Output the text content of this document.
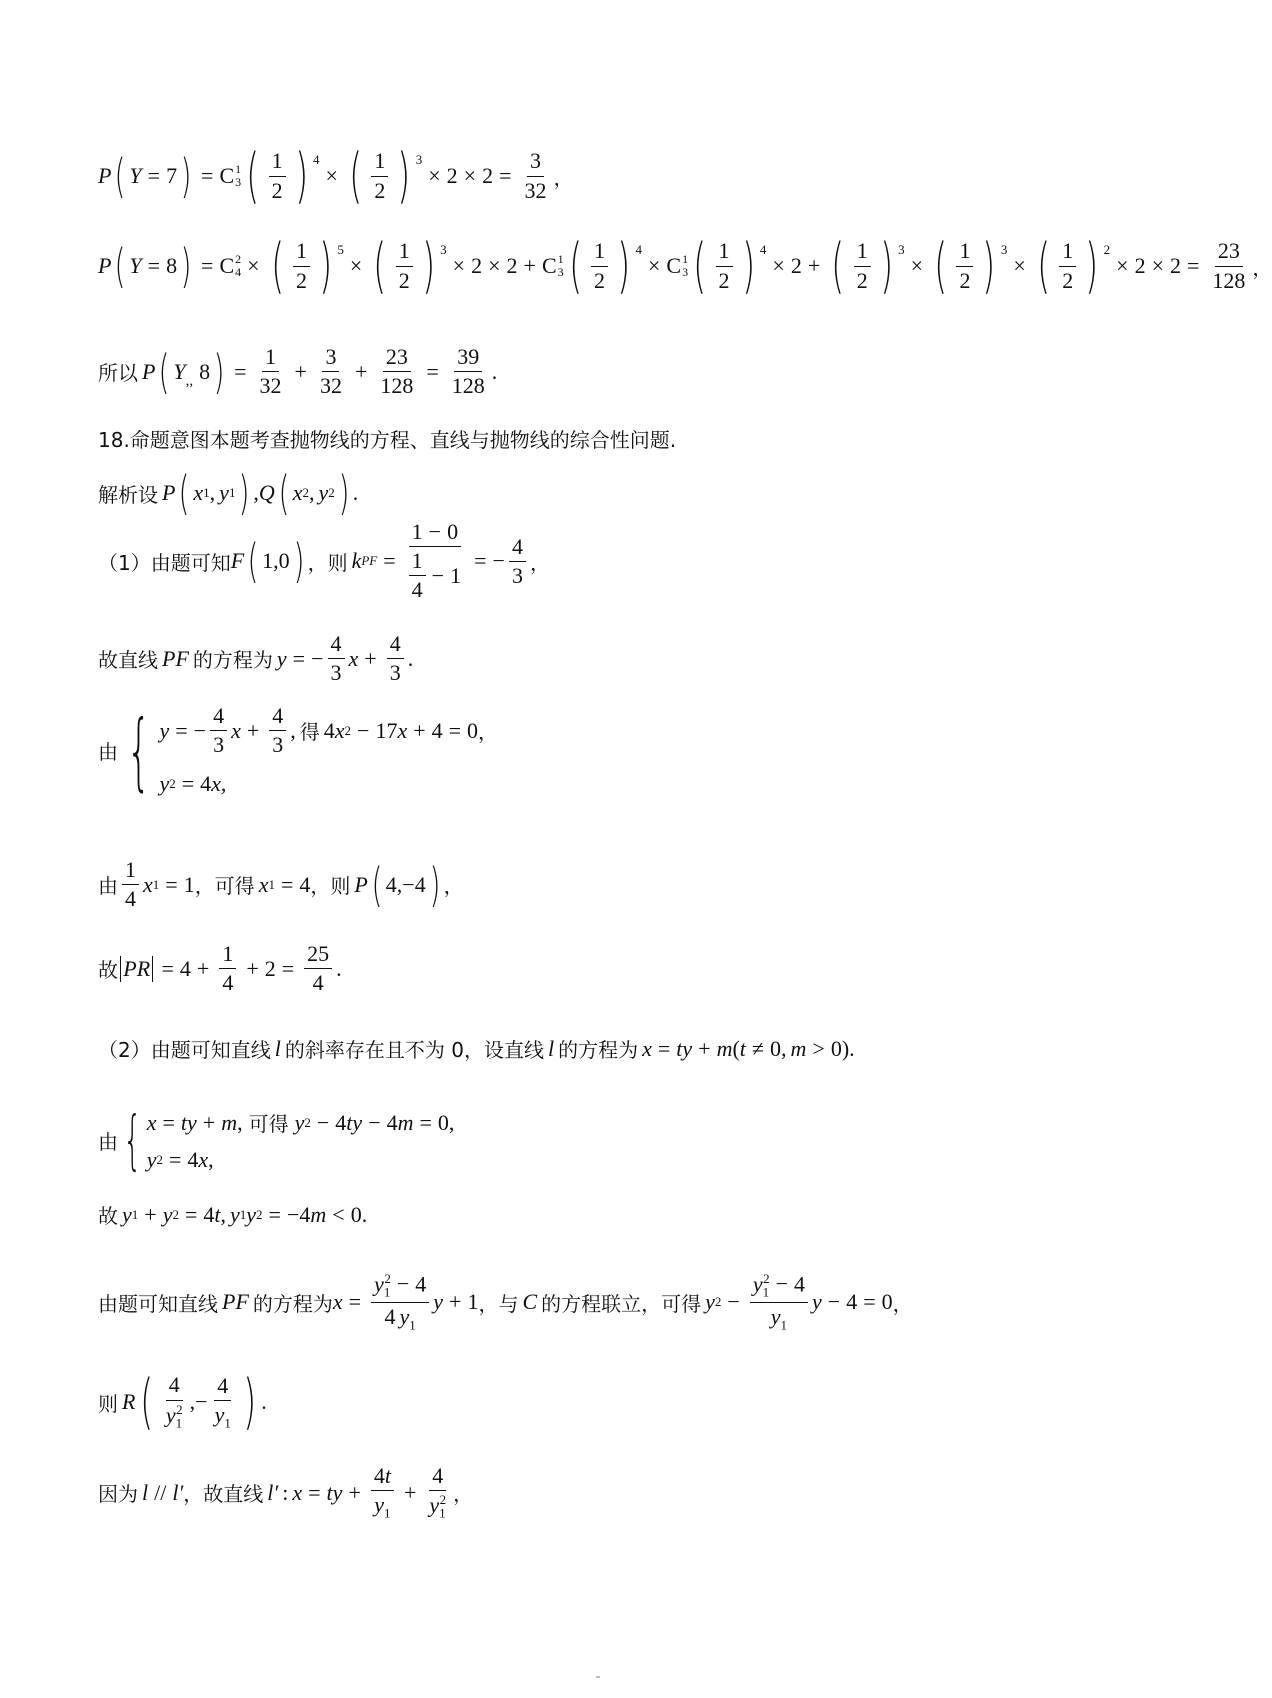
P ( Y = 7 ) = C 1
3 ( $\frac{1}{2}$ ) 4
× ( $\frac{1}{2}$ ) 3
× $2 \times 2 = \frac{3}{32}$ ，
P ( Y = 8 ) = C 2
4 × ( $\frac{1}{2}$ ) 5
× ( $\frac{1}{2}$ ) 3
× 2 × 2 + C 1
3 ( $\frac{1}{2}$ ) 4
× C 1
3 ( $\frac{1}{2}$ ) 4
× 2 + ( $\frac{1}{2}$ ) 3
× ( $\frac{1}{2}$ ) 3
× ( $\frac{1}{2}$ ) 2
× $2 \times 2 = \frac{23}{128}$ ，
所以 P ( Y ,, 8 ) = $\frac{1}{32} + \frac{3}{32} + \frac{23}{128} = \frac{39}{128}$ .
18.命题意图本题考查抛物线的方程、直线与抛物线的综合性问题.
解析设 P ( x 1 , y 1 ) , Q ( x 2 , y 2 ) .
（1）由题可知 F ( 1 , 0 ) ，则 k PF = $\frac{1 - 0}{\frac{1}{4} - 1}$ = − $\frac{4}{3}$ ，
故直线 PF 的方程为 y = − $\frac{4}{3}$ $x + \frac{4}{3}$ .
由 { y = − $\frac{4}{3}$ $x + \frac{4}{3}$ , 得 4 x 2 − 17 x + 4 = 0 ，
y 2 = 4 x ,
由 $\frac{1}{4}$ x 1 = 1 ，可得 x 1 = 4 ，则 P ( 4 ,− 4 ) ，
故 PR = $4 + \frac{1}{4} + 2 = \frac{25}{4}$ .
（2）由题可知直线 l 的斜率存在且不为 0，设直线 l 的方程为 x = ty + m ( t ≠ 0 , m > 0 ) .
由 { x = ty + m , 可得 y 2 − 4 ty − 4 m = 0 ,
y 2 = 4 x ,
故 y 1 + y 2 = 4 t , y 1 y 2 = − 4 m < 0 .
由题可知直线 PF 的方程为 $x = \frac{y_1^2 - 4}{4 y_1}$ y + 1 ，与 C 的方程联立，可得 y $2 - \frac{y_1^2 - 4}{y_1}$ y − 4 = 0 ，
则 R ( $\frac{4}{y_1^2}$ ,− $\frac{4}{y_1}$ ) .
因为 l // l′ ，故直线 l′ : x = ty + $\frac{4t}{y_1} + \frac{4}{y_1^2}$ ，
